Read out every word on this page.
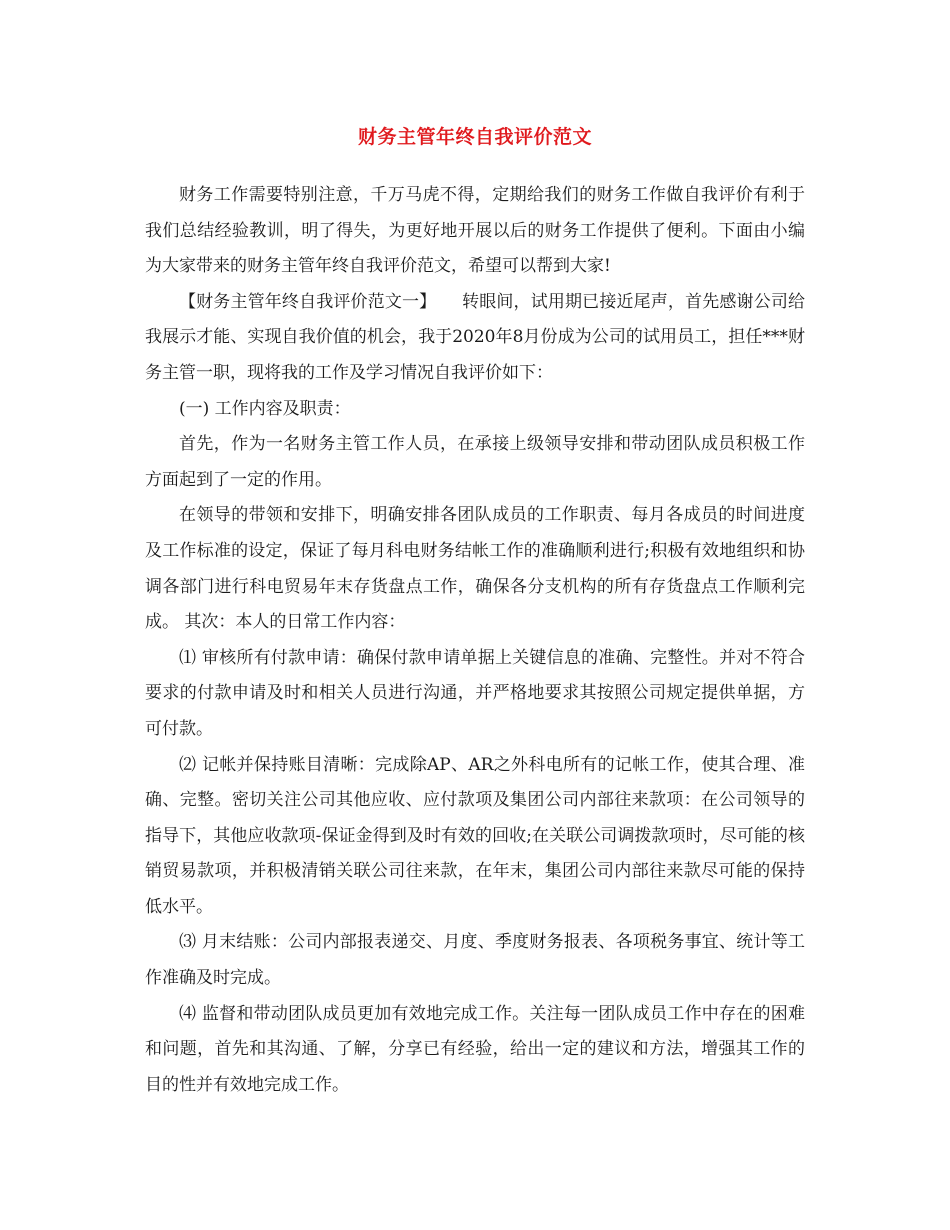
财务主管年终自我评价范文

财务工作需要特别注意，千万马虎不得，定期给我们的财务工作做自我评价有利于我们总结经验教训，明了得失，为更好地开展以后的财务工作提供了便利。下面由小编为大家带来的财务主管年终自我评价范文，希望可以帮到大家!

【财务主管年终自我评价范文一】　　转眼间，试用期已接近尾声，首先感谢公司给我展示才能、实现自我价值的机会，我于2020年8月份成为公司的试用员工，担任***财务主管一职，现将我的工作及学习情况自我评价如下：

(一) 工作内容及职责：

首先，作为一名财务主管工作人员，在承接上级领导安排和带动团队成员积极工作方面起到了一定的作用。

在领导的带领和安排下，明确安排各团队成员的工作职责、每月各成员的时间进度及工作标准的设定，保证了每月科电财务结帐工作的准确顺利进行;积极有效地组织和协调各部门进行科电贸易年末存货盘点工作，确保各分支机构的所有存货盘点工作顺利完成。 其次：本人的日常工作内容：

⑴ 审核所有付款申请：确保付款申请单据上关键信息的准确、完整性。并对不符合要求的付款申请及时和相关人员进行沟通，并严格地要求其按照公司规定提供单据，方可付款。

⑵ 记帐并保持账目清晰：完成除AP、AR之外科电所有的记帐工作，使其合理、准确、完整。密切关注公司其他应收、应付款项及集团公司内部往来款项：在公司领导的指导下，其他应收款项-保证金得到及时有效的回收;在关联公司调拨款项时，尽可能的核销贸易款项，并积极清销关联公司往来款，在年末，集团公司内部往来款尽可能的保持低水平。

⑶ 月末结账：公司内部报表递交、月度、季度财务报表、各项税务事宜、统计等工作准确及时完成。

⑷ 监督和带动团队成员更加有效地完成工作。关注每一团队成员工作中存在的困难和问题，首先和其沟通、了解，分享已有经验，给出一定的建议和方法，增强其工作的目的性并有效地完成工作。
